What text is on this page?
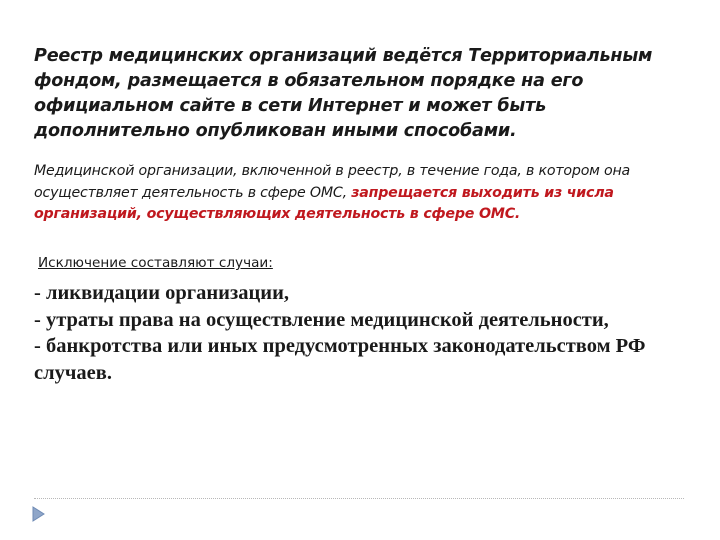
Реестр медицинских организаций ведётся Территориальным фондом, размещается в обязательном порядке на его официальном сайте в сети Интернет и может быть дополнительно опубликован иными способами.
Медицинской организации, включенной в реестр, в течение года, в котором она осуществляет деятельность в сфере ОМС, запрещается выходить из числа организаций, осуществляющих деятельность в сфере ОМС.
Исключение составляют случаи:
- ликвидации организации,
- утраты права на осуществление медицинской деятельности,
- банкротства или иных предусмотренных законодательством РФ случаев.
